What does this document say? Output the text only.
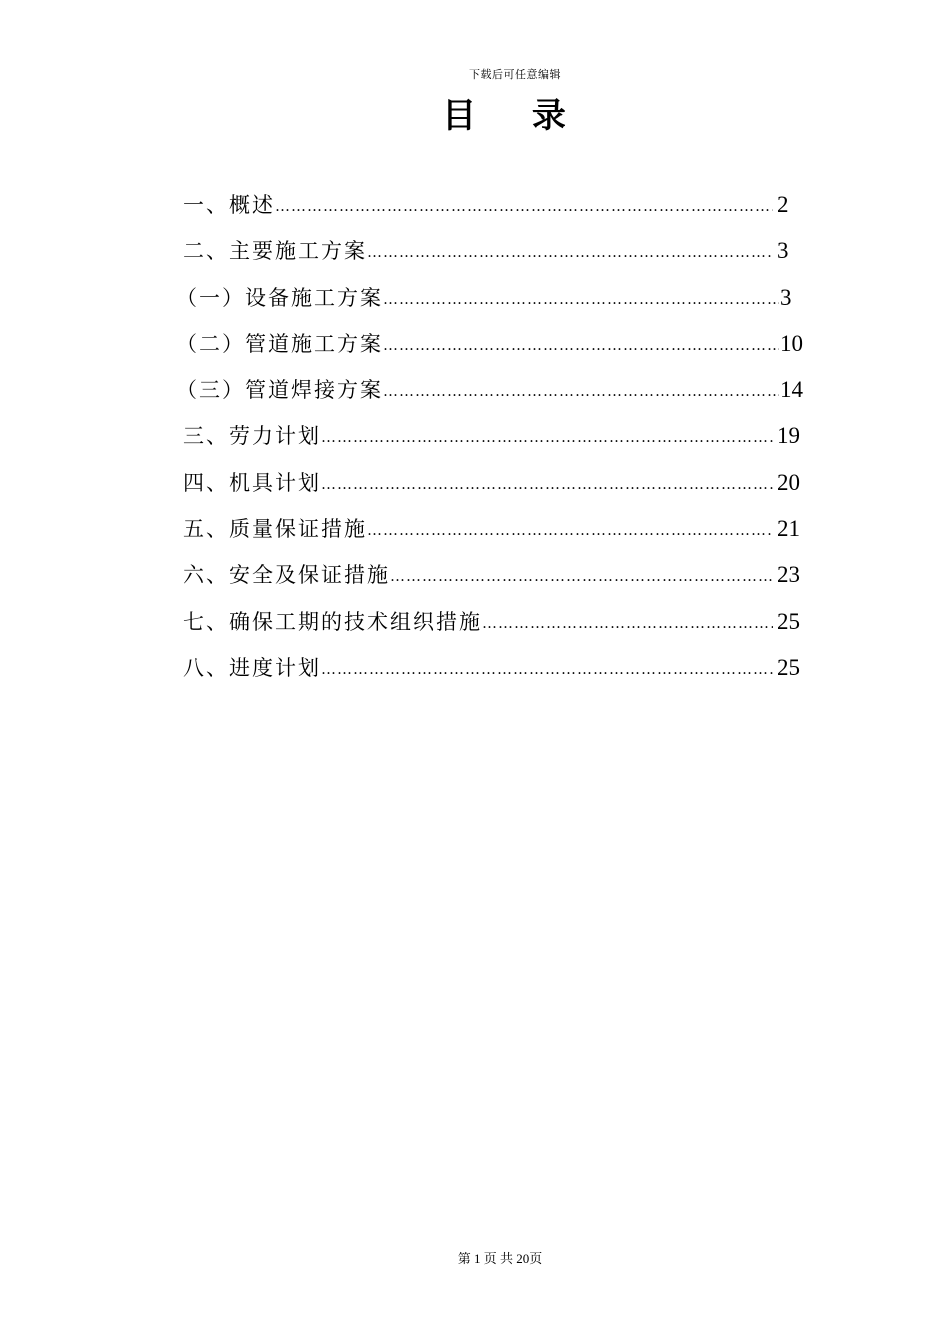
下载后可任意编辑
目 录
一、概述 ………………………………………………………………………………………………………………………………	2
二、主要施工方案 ………………………………………………………………………………………………………………………………	3
（一）设备施工方案 ………………………………………………………………………………………………………………………………	3
（二）管道施工方案 ………………………………………………………………………………………………………………………………	10
（三）管道焊接方案 ………………………………………………………………………………………………………………………………	14
三、劳力计划 ………………………………………………………………………………………………………………………………	19
四、机具计划 ………………………………………………………………………………………………………………………………	20
五、质量保证措施 ………………………………………………………………………………………………………………………………	21
六、安全及保证措施 ………………………………………………………………………………………………………………………………	23
七、确保工期的技术组织措施 ………………………………………………………………………………………………………………………………	25
八、进度计划 ………………………………………………………………………………………………………………………………	25
第 1 页 共 20页
